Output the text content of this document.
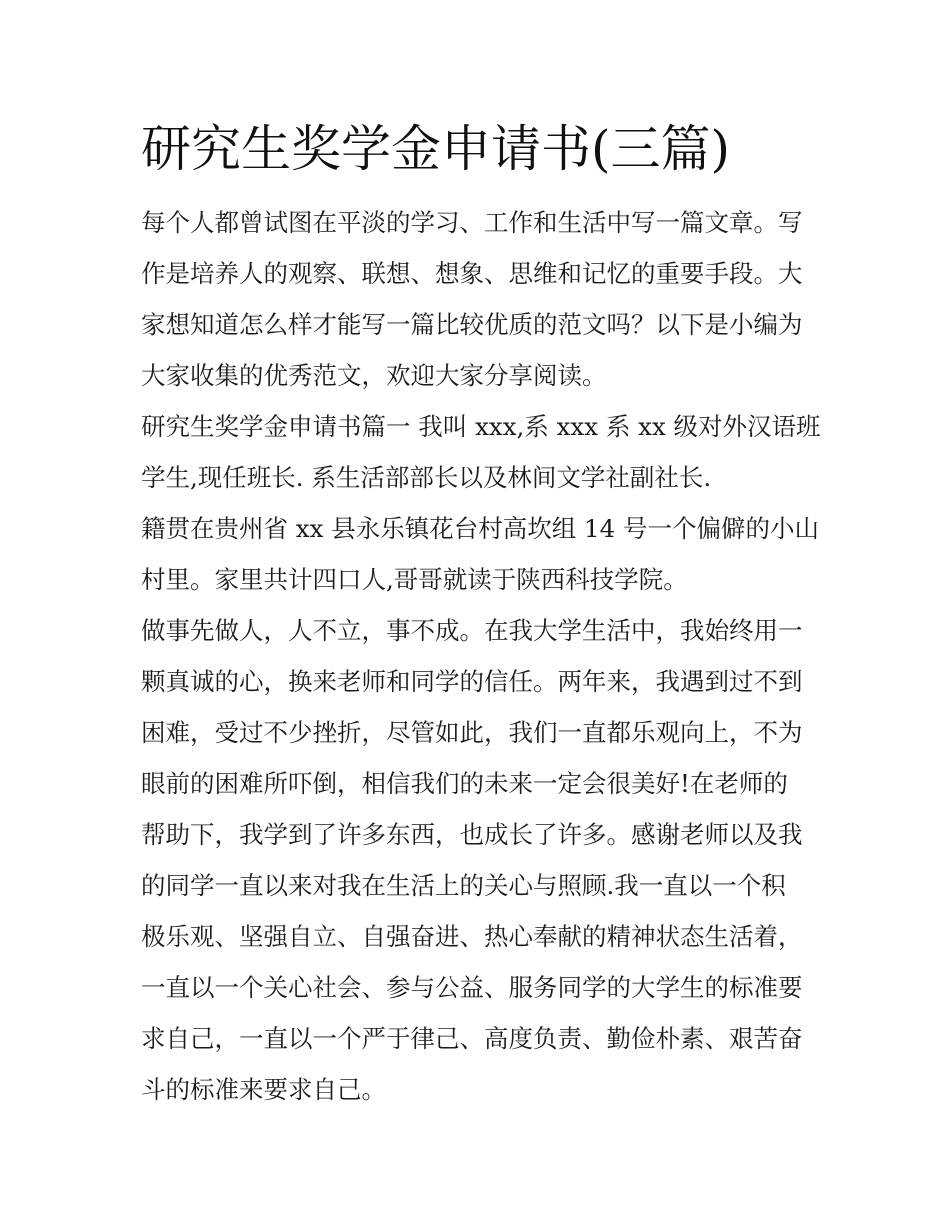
研究生奖学金申请书(三篇)

每个人都曾试图在平淡的学习、工作和生活中写一篇文章。写
作是培养人的观察、联想、想象、思维和记忆的重要手段。大
家想知道怎么样才能写一篇比较优质的范文吗？以下是小编为
大家收集的优秀范文，欢迎大家分享阅读。

研究生奖学金申请书篇一 我叫 xxx,系 xxx 系 xx 级对外汉语班
学生,现任班长. 系生活部部长以及林间文学社副社长.

籍贯在贵州省 xx 县永乐镇花台村高坎组 14 号一个偏僻的小山
村里。家里共计四口人,哥哥就读于陕西科技学院。

做事先做人，人不立，事不成。在我大学生活中，我始终用一
颗真诚的心，换来老师和同学的信任。两年来，我遇到过不到
困难，受过不少挫折，尽管如此，我们一直都乐观向上，不为
眼前的困难所吓倒，相信我们的未来一定会很美好!在老师的
帮助下，我学到了许多东西，也成长了许多。感谢老师以及我
的同学一直以来对我在生活上的关心与照顾.我一直以一个积
极乐观、坚强自立、自强奋进、热心奉献的精神状态生活着，
一直以一个关心社会、参与公益、服务同学的大学生的标准要
求自己，一直以一个严于律己、高度负责、勤俭朴素、艰苦奋
斗的标准来要求自己。
